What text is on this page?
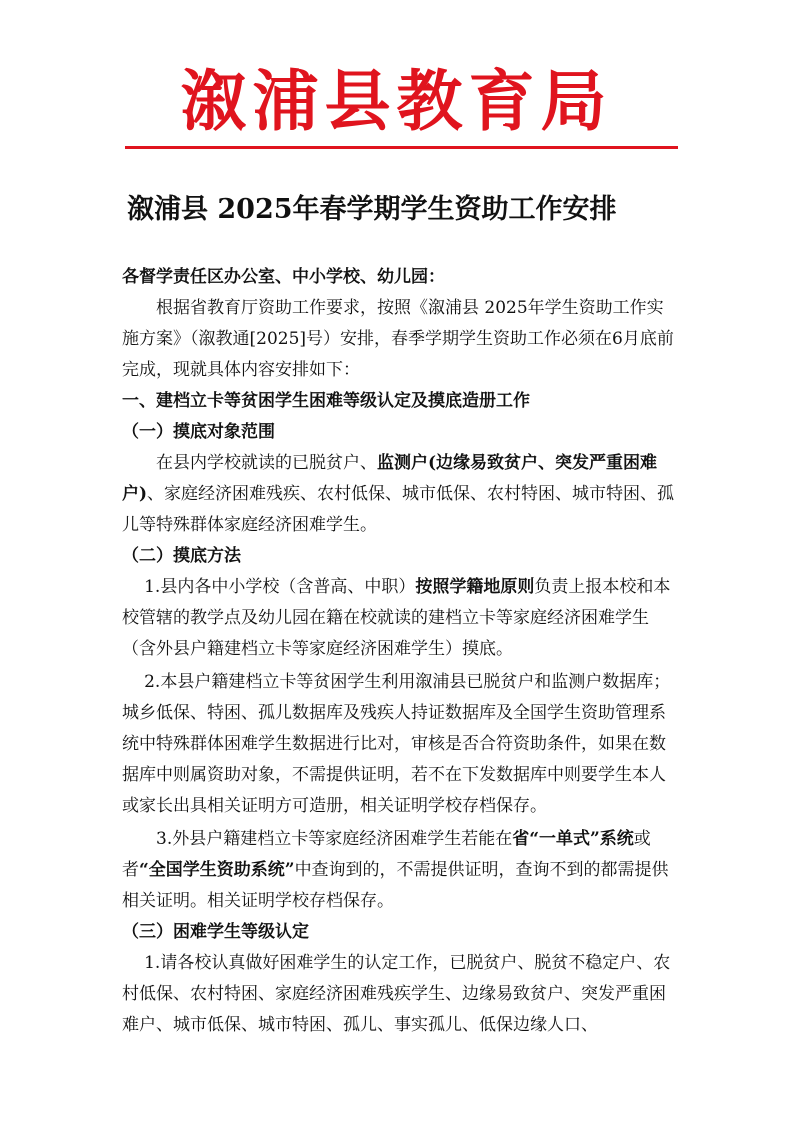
溆浦县教育局
溆浦县 2025年春学期学生资助工作安排

各督学责任区办公室、中小学校、幼儿园：

根据省教育厅资助工作要求，按照《溆浦县 2025年学生资助工作实施方案》（溆教通[2025]号）安排，春季学期学生资助工作必须在6月底前完成，现就具体内容安排如下：

一、建档立卡等贫困学生困难等级认定及摸底造册工作

（一）摸底对象范围

在县内学校就读的已脱贫户、监测户(边缘易致贫户、突发严重困难户)、家庭经济困难残疾、农村低保、城市低保、农村特困、城市特困、孤儿等特殊群体家庭经济困难学生。

（二）摸底方法

1.县内各中小学校（含普高、中职）按照学籍地原则负责上报本校和本校管辖的教学点及幼儿园在籍在校就读的建档立卡等家庭经济困难学生（含外县户籍建档立卡等家庭经济困难学生）摸底。

2.本县户籍建档立卡等贫困学生利用溆浦县已脱贫户和监测户数据库；城乡低保、特困、孤儿数据库及残疾人持证数据库及全国学生资助管理系统中特殊群体困难学生数据进行比对，审核是否合符资助条件，如果在数据库中则属资助对象，不需提供证明，若不在下发数据库中则要学生本人或家长出具相关证明方可造册，相关证明学校存档保存。

3.外县户籍建档立卡等家庭经济困难学生若能在省“一单式”系统或者“全国学生资助系统”中查询到的，不需提供证明，查询不到的都需提供相关证明。相关证明学校存档保存。

（三）困难学生等级认定

1.请各校认真做好困难学生的认定工作，已脱贫户、脱贫不稳定户、农村低保、农村特困、家庭经济困难残疾学生、边缘易致贫户、突发严重困难户、城市低保、城市特困、孤儿、事实孤儿、低保边缘人口、
